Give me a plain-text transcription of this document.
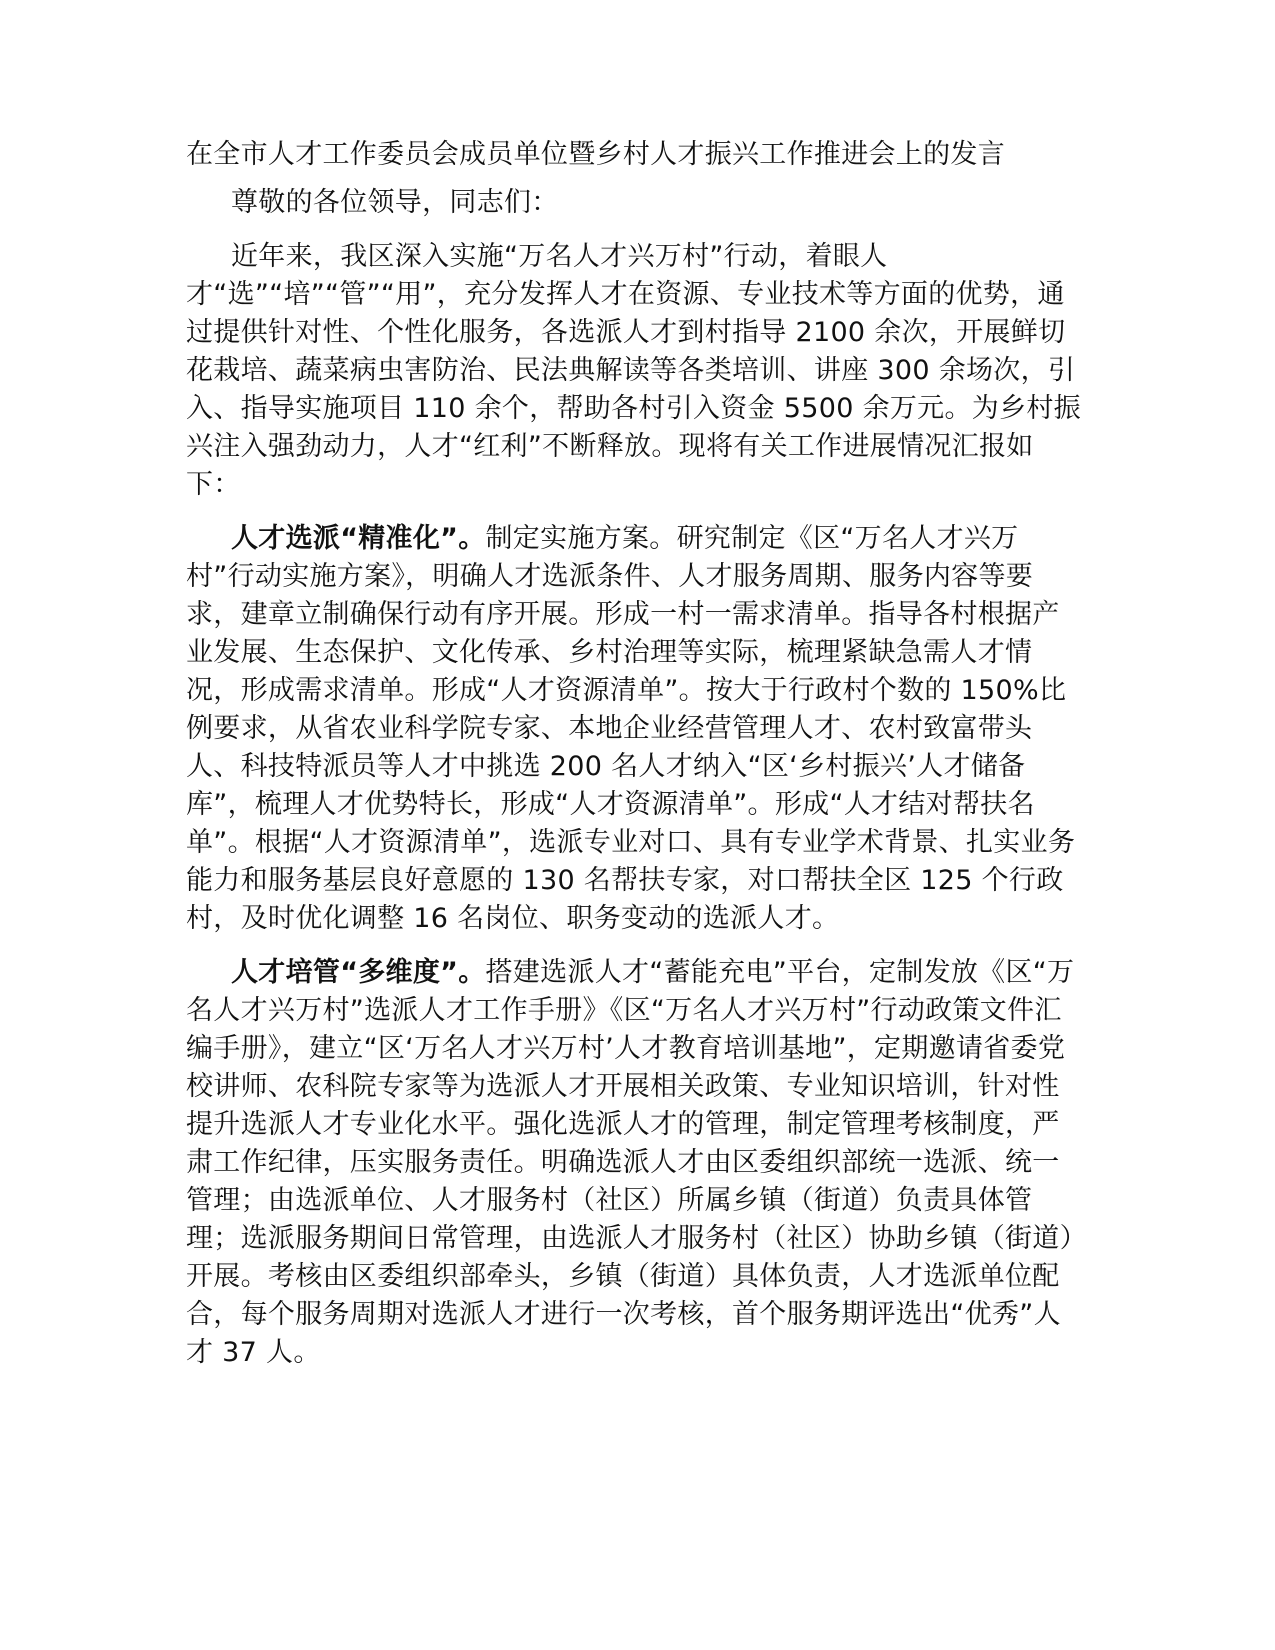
在全市人才工作委员会成员单位暨乡村人才振兴工作推进会上的发言

尊敬的各位领导，同志们：

近年来，我区深入实施“万名人才兴万村”行动，着眼人才“选”“培”“管”“用”，充分发挥人才在资源、专业技术等方面的优势，通过提供针对性、个性化服务，各选派人才到村指导 2100 余次，开展鲜切花栽培、蔬菜病虫害防治、民法典解读等各类培训、讲座 300 余场次，引入、指导实施项目 110 余个，帮助各村引入资金 5500 余万元。为乡村振兴注入强劲动力，人才“红利”不断释放。现将有关工作进展情况汇报如下：

人才选派“精准化”。制定实施方案。研究制定《区“万名人才兴万村”行动实施方案》，明确人才选派条件、人才服务周期、服务内容等要求，建章立制确保行动有序开展。形成一村一需求清单。指导各村根据产业发展、生态保护、文化传承、乡村治理等实际，梳理紧缺急需人才情况，形成需求清单。形成“人才资源清单”。按大于行政村个数的 150%比例要求，从省农业科学院专家、本地企业经营管理人才、农村致富带头人、科技特派员等人才中挑选 200 名人才纳入“区‘乡村振兴’人才储备库”，梳理人才优势特长，形成“人才资源清单”。形成“人才结对帮扶名单”。根据“人才资源清单”，选派专业对口、具有专业学术背景、扎实业务能力和服务基层良好意愿的 130 名帮扶专家，对口帮扶全区 125 个行政村，及时优化调整 16 名岗位、职务变动的选派人才。

人才培管“多维度”。搭建选派人才“蓄能充电”平台，定制发放《区“万名人才兴万村”选派人才工作手册》《区“万名人才兴万村”行动政策文件汇编手册》，建立“区‘万名人才兴万村’人才教育培训基地”，定期邀请省委党校讲师、农科院专家等为选派人才开展相关政策、专业知识培训，针对性提升选派人才专业化水平。强化选派人才的管理，制定管理考核制度，严肃工作纪律，压实服务责任。明确选派人才由区委组织部统一选派、统一管理；由选派单位、人才服务村（社区）所属乡镇（街道）负责具体管理；选派服务期间日常管理，由选派人才服务村（社区）协助乡镇（街道）开展。考核由区委组织部牵头，乡镇（街道）具体负责，人才选派单位配合，每个服务周期对选派人才进行一次考核，首个服务期评选出“优秀”人才 37 人。
